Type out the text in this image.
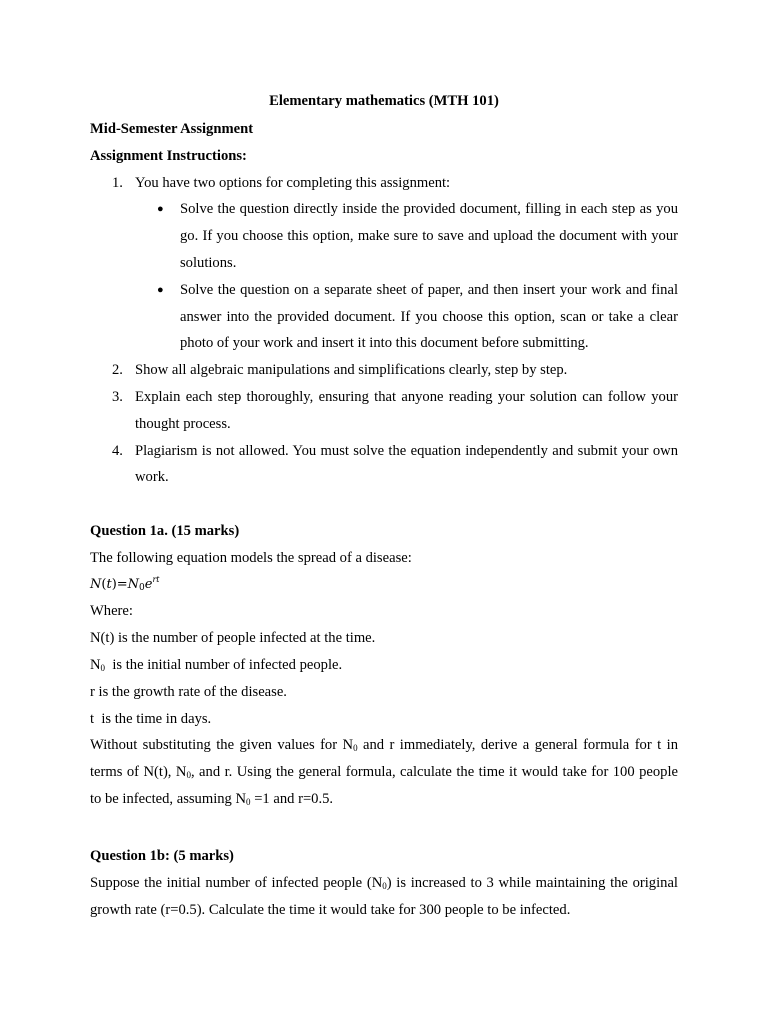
Elementary mathematics (MTH 101)
Mid-Semester Assignment
Assignment Instructions:
1. You have two options for completing this assignment:
● Solve the question directly inside the provided document, filling in each step as you go. If you choose this option, make sure to save and upload the document with your solutions.
● Solve the question on a separate sheet of paper, and then insert your work and final answer into the provided document. If you choose this option, scan or take a clear photo of your work and insert it into this document before submitting.
2. Show all algebraic manipulations and simplifications clearly, step by step.
3. Explain each step thoroughly, ensuring that anyone reading your solution can follow your thought process.
4. Plagiarism is not allowed. You must solve the equation independently and submit your own work.
Question 1a. (15 marks)
The following equation models the spread of a disease:
$N(t)=N_0e^{rt}$
Where:
N(t) is the number of people infected at the time.
$N_0$  is the initial number of infected people.
r is the growth rate of the disease.
t  is the time in days.
Without substituting the given values for $N_0$ and r immediately, derive a general formula for t in terms of N(t), $N_0$, and r. Using the general formula, calculate the time it would take for 100 people to be infected, assuming $N_0 =1$ and r=0.5.
Question 1b: (5 marks)
Suppose the initial number of infected people $(N_0)$ is increased to 3 while maintaining the original growth rate (r=0.5). Calculate the time it would take for 300 people to be infected.
